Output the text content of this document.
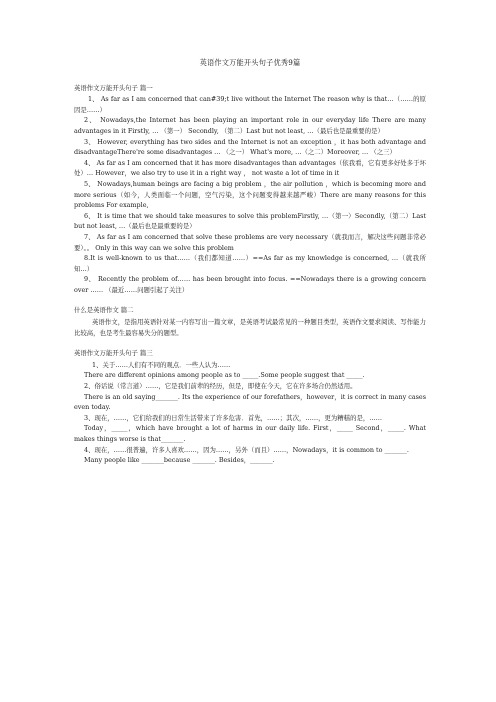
英语作文万能开头句子优秀9篇
英语作文万能开头句子 篇一

1、 As far as I am concerned that can#39;t live without the Internet The reason why is that…（……的原因是……）

2、 Nowadays,the Internet has been playing an important role in our everyday life There are many advantages in it Firstly, … （第一） Secondly, （第二）Last but not least, …（最后也是最重要的是）

3、 However, everything has two sides and the Internet is not an exception ，it has both advantage and disadvantageThere're some disadvantages … （之一） What's more, …（之二）Moreover, … （之三）

4、 As far as I am concerned that it has more disadvantages than advantages（依我看，它有更多好处多于坏处）… However，we also try to use it in a right way ， not waste a lot of time in it

5、 Nowadays,human beings are facing a big problem ，the air pollution ，which is becoming more and more serious（如今，人类面临一个问题，空气污染，这个问题变得越来越严峻）There are many reasons for this problems For example,

6、 It is time that we should take measures to solve this problemFirstly, …（第一）Secondly,（第二）Last but not least, …（最后也是最重要的是）

7、 As far as I am concerned that solve these problems are very necessary（就我而言，解决这些问题非常必要）。。 Only in this way can we solve this problem

8.It is well-known to us that……（我们都知道……）==As far as my knowledge is concerned, …（就我所知…）

9、 Recently the problem of…… has been brought into focus. ==Nowadays there is a growing concern over …… （最近……问题引起了关注）

什么是英语作文 篇二

英语作文，是指用英语针对某一内容写出一篇文章，是英语考试最常见的一种题目类型，英语作文要求阅读、写作能力比较高，也是考生最容易失分的题型。

英语作文万能开头句子 篇三

1、关于……人们有不同的观点．一些人认为……

There are different opinions among people as to _____.Some people suggest that _____.

2、俗话说（常言道）……，它是我们前辈的经历，但是，即使在今天，它在许多场合仍然适用。

There is an old saying_______. Its the experience of our forefathers，however，it is correct in many cases even today.

3、现在，……，它们给我们的日常生活带来了许多危害．首先，……；其次，……，更为糟糕的是，……

Today，_____，which have brought a lot of harms in our daily life. First，_____ Second，_____. What makes things worse is that_______.

4、现在，……很普遍，许多人喜欢……，因为……，另外（而且）……，Nowadays，it is common to _______.

Many people like _______because _______. Besides，_______.
